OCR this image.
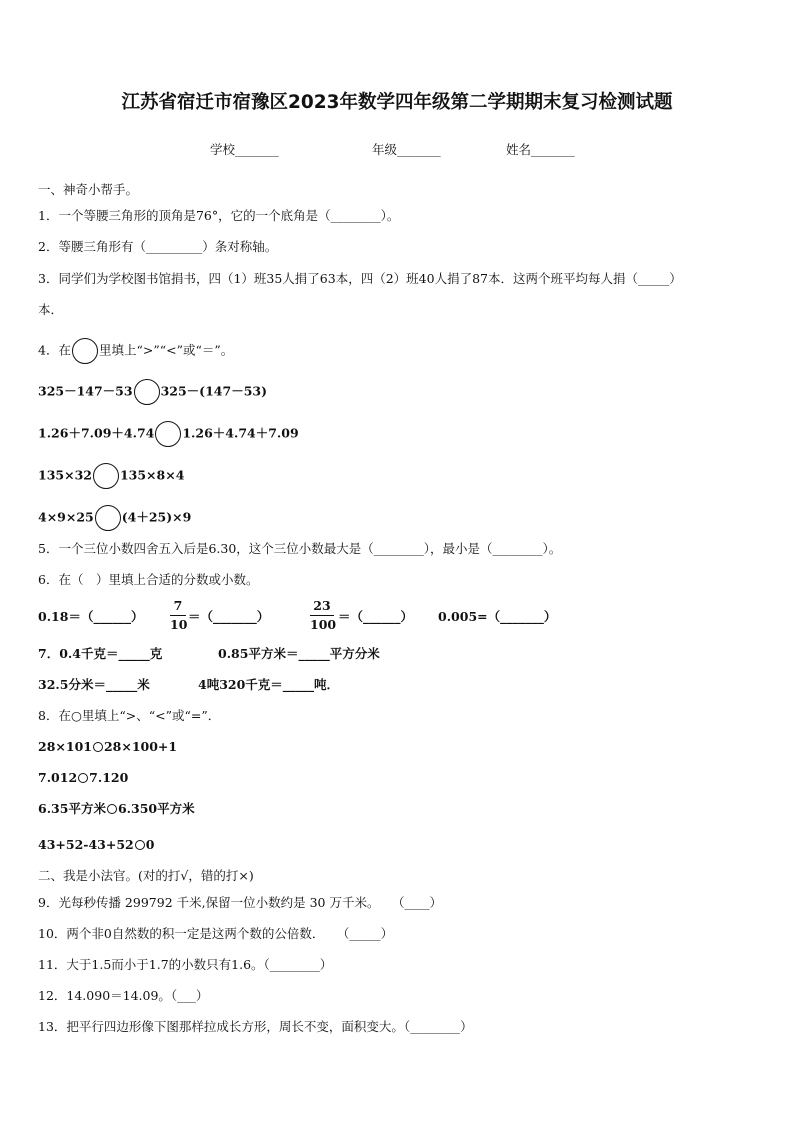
江苏省宿迁市宿豫区2023年数学四年级第二学期期末复习检测试题
学校_______	年级_______	姓名_______
一、神奇小帮手。
1．一个等腰三角形的顶角是76°，它的一个底角是（________）。
2．等腰三角形有（_________）条对称轴。
3．同学们为学校图书馆捐书，四（1）班35人捐了63本，四（2）班40人捐了87本．这两个班平均每人捐（_____）
本．
4．在 里填上“>”“<”或“＝”。
325－147－53 325－(147－53)
1.26＋7.09＋4.74 1.26＋4.74＋7.09
135×32 135×8×4
4×9×25 (4＋25)×9
5．一个三位小数四舍五入后是6.30，这个三位小数最大是（________），最小是（________）。
6．在（　）里填上合适的分数或小数。
0.18＝（______）
7
10
＝（_______）
23
100
＝（______） 0.005=（_______）
7．0.4千克＝_____克	0.85平方米＝_____平方分米
32.5分米＝_____米	4吨320千克＝_____吨．
8．在○里填上“>、“<”或“=”．
28×101 28×100+1
7.012 7.120
6.35平方米 6.350平方米
43+52-43+52 0
二、我是小法官。(对的打√，错的打×)
9．光每秒传播 299792 千米,保留一位小数约是 30 万千米。　　（____）
10．两个非0自然数的积一定是这两个数的公倍数．　　（_____）
11．大于1.5而小于1.7的小数只有1.6。（________）
12．14.090＝14.09。（___）
13．把平行四边形像下图那样拉成长方形，周长不变，面积变大。（________）
